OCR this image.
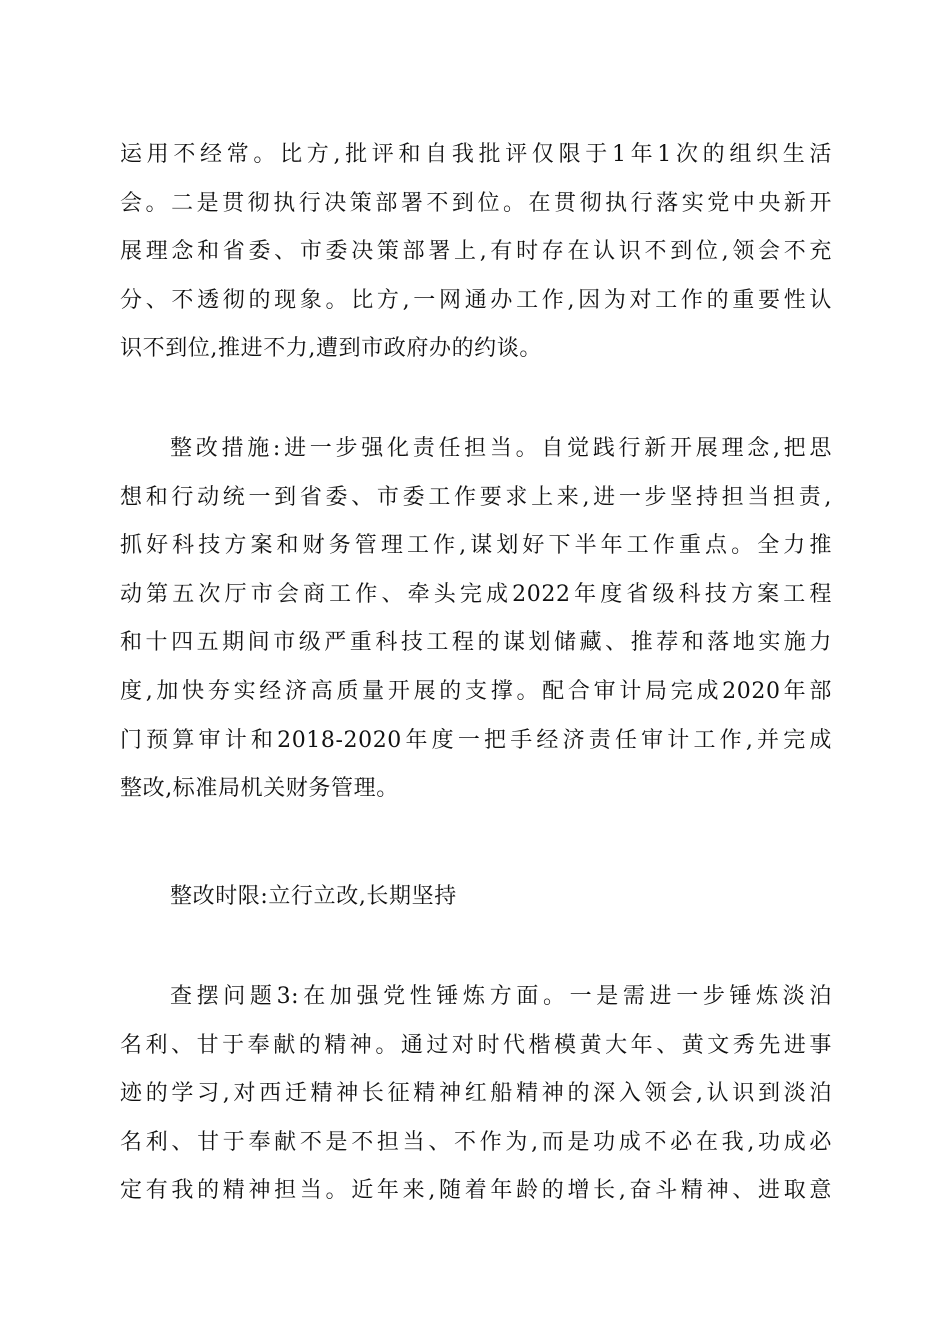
运用不经常。比方,批评和自我批评仅限于1年1次的组织生活
会。二是贯彻执行决策部署不到位。在贯彻执行落实党中央新开
展理念和省委、市委决策部署上,有时存在认识不到位,领会不充
分、不透彻的现象。比方,一网通办工作,因为对工作的重要性认
识不到位,推进不力,遭到市政府办的约谈。
整改措施:进一步强化责任担当。自觉践行新开展理念,把思
想和行动统一到省委、市委工作要求上来,进一步坚持担当担责,
抓好科技方案和财务管理工作,谋划好下半年工作重点。全力推
动第五次厅市会商工作、牵头完成2022年度省级科技方案工程
和十四五期间市级严重科技工程的谋划储藏、推荐和落地实施力
度,加快夯实经济高质量开展的支撑。配合审计局完成2020年部
门预算审计和2018-2020年度一把手经济责任审计工作,并完成
整改,标准局机关财务管理。
整改时限:立行立改,长期坚持
查摆问题3:在加强党性锤炼方面。一是需进一步锤炼淡泊
名利、甘于奉献的精神。通过对时代楷模黄大年、黄文秀先进事
迹的学习,对西迁精神长征精神红船精神的深入领会,认识到淡泊
名利、甘于奉献不是不担当、不作为,而是功成不必在我,功成必
定有我的精神担当。近年来,随着年龄的增长,奋斗精神、进取意
